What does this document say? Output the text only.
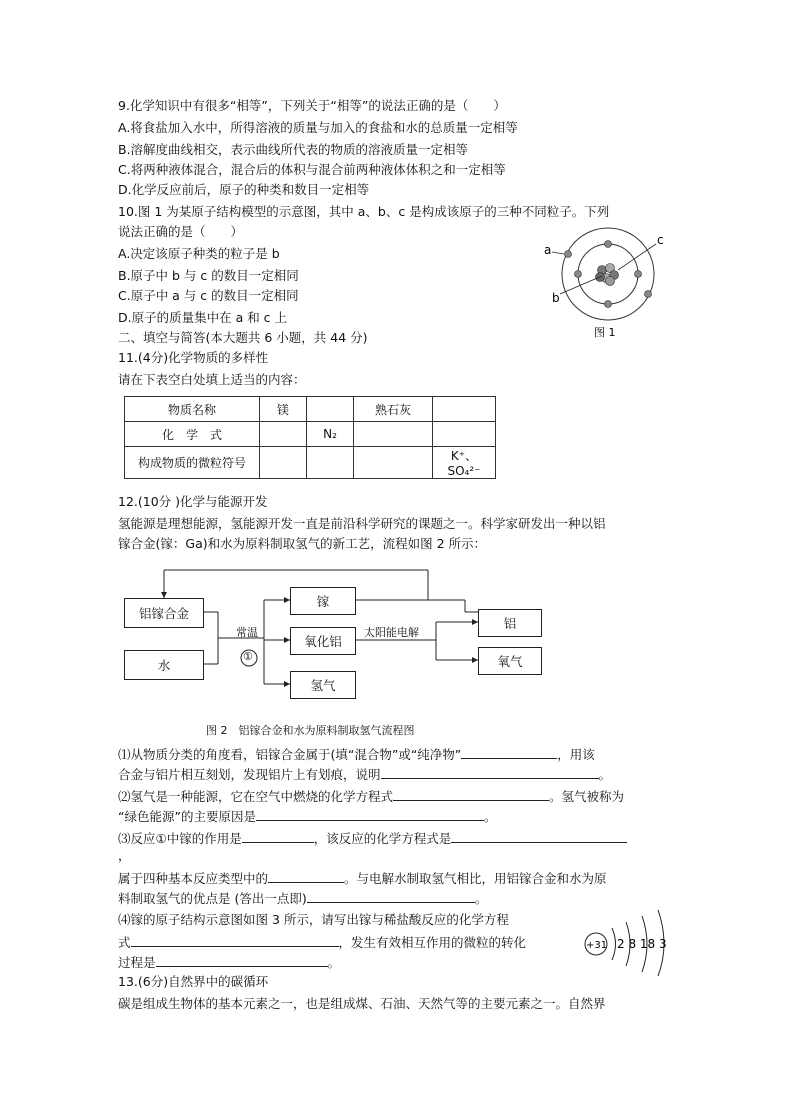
9.化学知识中有很多“相等”，下列关于“相等”的说法正确的是（　　）
A.将食盐加入水中，所得溶液的质量与加入的食盐和水的总质量一定相等
B.溶解度曲线相交，表示曲线所代表的物质的溶液质量一定相等
C.将两种液体混合，混合后的体积与混合前两种液体体积之和一定相等
D.化学反应前后，原子的种类和数目一定相等
10.图 1 为某原子结构模型的示意图，其中 a、b、c 是构成该原子的三种不同粒子。下列
说法正确的是（　　）
A.决定该原子种类的粒子是 b
B.原子中 b 与 c 的数目一定相同
C.原子中 a 与 c 的数目一定相同
D.原子的质量集中在 a 和 c 上
a
c
b
图 1
二、填空与简答(本大题共 6 小题，共 44 分)
11.(4分)化学物质的多样性
请在下表空白处填上适当的内容：
物质名称	镁		熟石灰	
化　学　式		N₂		
构成物质的微粒符号				K⁺、SO₄²⁻
12.(10分 )化学与能源开发
氢能源是理想能源，氢能源开发一直是前沿科学研究的课题之一。科学家研发出一种以铝
镓合金(镓：Ga)和水为原料制取氢气的新工艺，流程如图 2 所示：
铝镓合金
水
常温
①
镓
氧化铝
氢气
太阳能电解
铝
氧气
图 2　铝镓合金和水为原料制取氢气流程图
⑴从物质分类的角度看，铝镓合金属于(填“混合物”或“纯净物”	，用该
合金与铝片相互刻划，发现铝片上有划痕，说明	。
⑵氢气是一种能源，它在空气中燃烧的化学方程式	。氢气被称为
“绿色能源”的主要原因是	。
⑶反应①中镓的作用是	，该反应的化学方程式是
，
属于四种基本反应类型中的	。与电解水制取氢气相比，用铝镓合金和水为原
料制取氢气的优点是 (答出一点即)	。
⑷镓的原子结构示意图如图 3 所示，请写出镓与稀盐酸反应的化学方程
式	，发生有效相互作用的微粒的转化
过程是	。
+31 2 8 18 3
13.(6分)自然界中的碳循环
碳是组成生物体的基本元素之一，也是组成煤、石油、天然气等的主要元素之一。自然界
